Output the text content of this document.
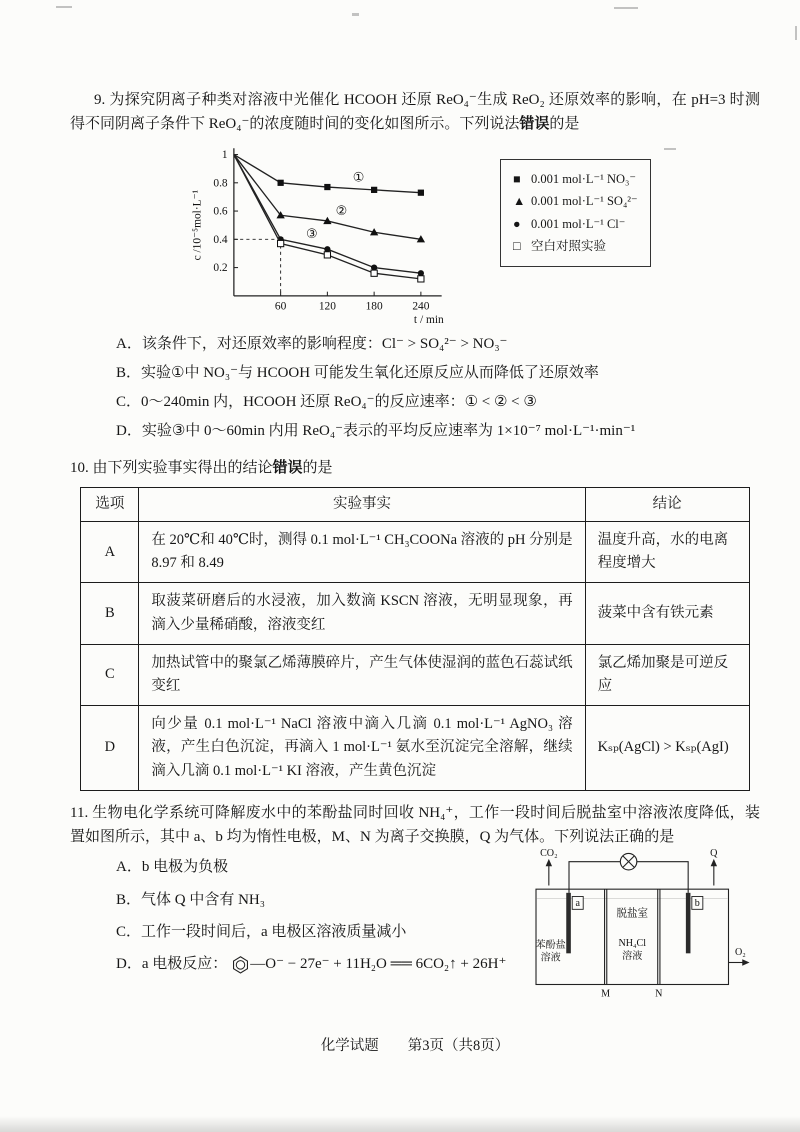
9. 为探究阴离子种类对溶液中光催化 HCOOH 还原 ReO₄⁻生成 ReO₂ 还原效率的影响，在 pH=3 时测得不同阴离子条件下 ReO₄⁻的浓度随时间的变化如图所示。下列说法错误的是

0.2
0.4
0.6
0.8
1
60	120	180	240
t / min
c /10⁻⁵mol·L⁻¹
①
②
③
■ 0.001 mol·L⁻¹ NO₃⁻
▲ 0.001 mol·L⁻¹ SO₄²⁻
● 0.001 mol·L⁻¹ Cl⁻
□ 空白对照实验

A．该条件下，对还原效率的影响程度：Cl⁻ > SO₄²⁻ > NO₃⁻

B．实验①中 NO₃⁻与 HCOOH 可能发生氧化还原反应从而降低了还原效率

C．0～240min 内，HCOOH 还原 ReO₄⁻的反应速率：① < ② < ③

D．实验③中 0～60min 内用 ReO₄⁻表示的平均反应速率为 1×10⁻⁷ mol·L⁻¹·min⁻¹

10. 由下列实验事实得出的结论错误的是

选项	实验事实	结论
A	在 20℃和 40℃时，测得 0.1 mol·L⁻¹ CH₃COONa 溶液的 pH 分别是 8.97 和 8.49	温度升高，水的电离程度增大
B	取菠菜研磨后的水浸液，加入数滴 KSCN 溶液，无明显现象，再滴入少量稀硝酸，溶液变红	菠菜中含有铁元素
C	加热试管中的聚氯乙烯薄膜碎片，产生气体使湿润的蓝色石蕊试纸变红	氯乙烯加聚是可逆反应
D	向少量 0.1 mol·L⁻¹ NaCl 溶液中滴入几滴 0.1 mol·L⁻¹ AgNO₃ 溶液，产生白色沉淀，再滴入 1 mol·L⁻¹ 氨水至沉淀完全溶解，继续滴入几滴 0.1 mol·L⁻¹ KI 溶液，产生黄色沉淀	Kₛₚ(AgCl) > Kₛₚ(AgI)

11. 生物电化学系统可降解废水中的苯酚盐同时回收 NH₄⁺，工作一段时间后脱盐室中溶液浓度降低，装置如图所示，其中 a、b 均为惰性电极，M、N 为离子交换膜，Q 为气体。下列说法正确的是

A．b 电极为负极

B．气体 Q 中含有 NH₃

C．工作一段时间后，a 电极区溶液质量减小

D．a 电极反应： —O⁻ − 27e⁻ + 11H₂O ══ 6CO₂↑ + 26H⁺

CO₂	Q
M	N
a	b
脱盐室
NH₄Cl
溶液
苯酚盐
溶液	O₂
化学试题　　第3页（共8页）
